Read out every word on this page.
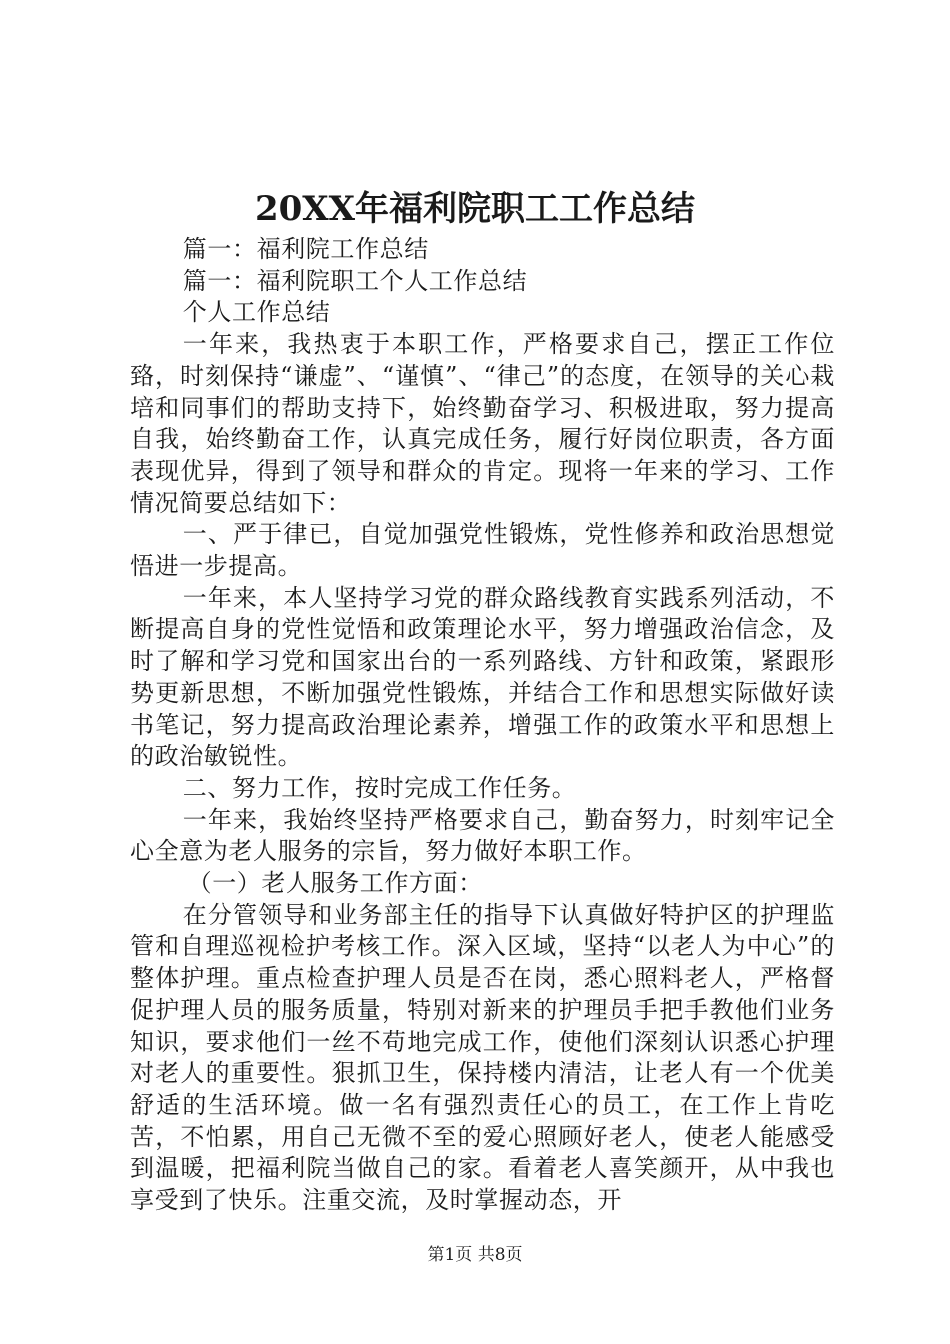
20XX年福利院职工工作总结

篇一：福利院工作总结

篇一：福利院职工个人工作总结

个人工作总结

一年来，我热衷于本职工作，严格要求自己，摆正工作位臵，时刻保持“谦虚”、“谨慎”、“律己”的态度，在领导的关心栽培和同事们的帮助支持下，始终勤奋学习、积极进取，努力提高自我，始终勤奋工作，认真完成任务，履行好岗位职责，各方面表现优异，得到了领导和群众的肯定。现将一年来的学习、工作情况简要总结如下：

一、严于律已，自觉加强党性锻炼，党性修养和政治思想觉悟进一步提高。

一年来，本人坚持学习党的群众路线教育实践系列活动，不断提高自身的党性觉悟和政策理论水平，努力增强政治信念，及时了解和学习党和国家出台的一系列路线、方针和政策，紧跟形势更新思想，不断加强党性锻炼，并结合工作和思想实际做好读书笔记，努力提高政治理论素养，增强工作的政策水平和思想上的政治敏锐性。

二、努力工作，按时完成工作任务。

一年来，我始终坚持严格要求自己，勤奋努力，时刻牢记全心全意为老人服务的宗旨，努力做好本职工作。

（一）老人服务工作方面：

在分管领导和业务部主任的指导下认真做好特护区的护理监管和自理巡视检护考核工作。深入区域，坚持“以老人为中心”的整体护理。重点检查护理人员是否在岗，悉心照料老人，严格督促护理人员的服务质量，特别对新来的护理员手把手教他们业务知识，要求他们一丝不苟地完成工作，使他们深刻认识悉心护理对老人的重要性。狠抓卫生，保持楼内清洁，让老人有一个优美舒适的生活环境。做一名有强烈责任心的员工，在工作上肯吃苦，不怕累，用自己无微不至的爱心照顾好老人，使老人能感受到温暖，把福利院当做自己的家。看着老人喜笑颜开，从中我也享受到了快乐。注重交流，及时掌握动态，开

第1页 共8页
